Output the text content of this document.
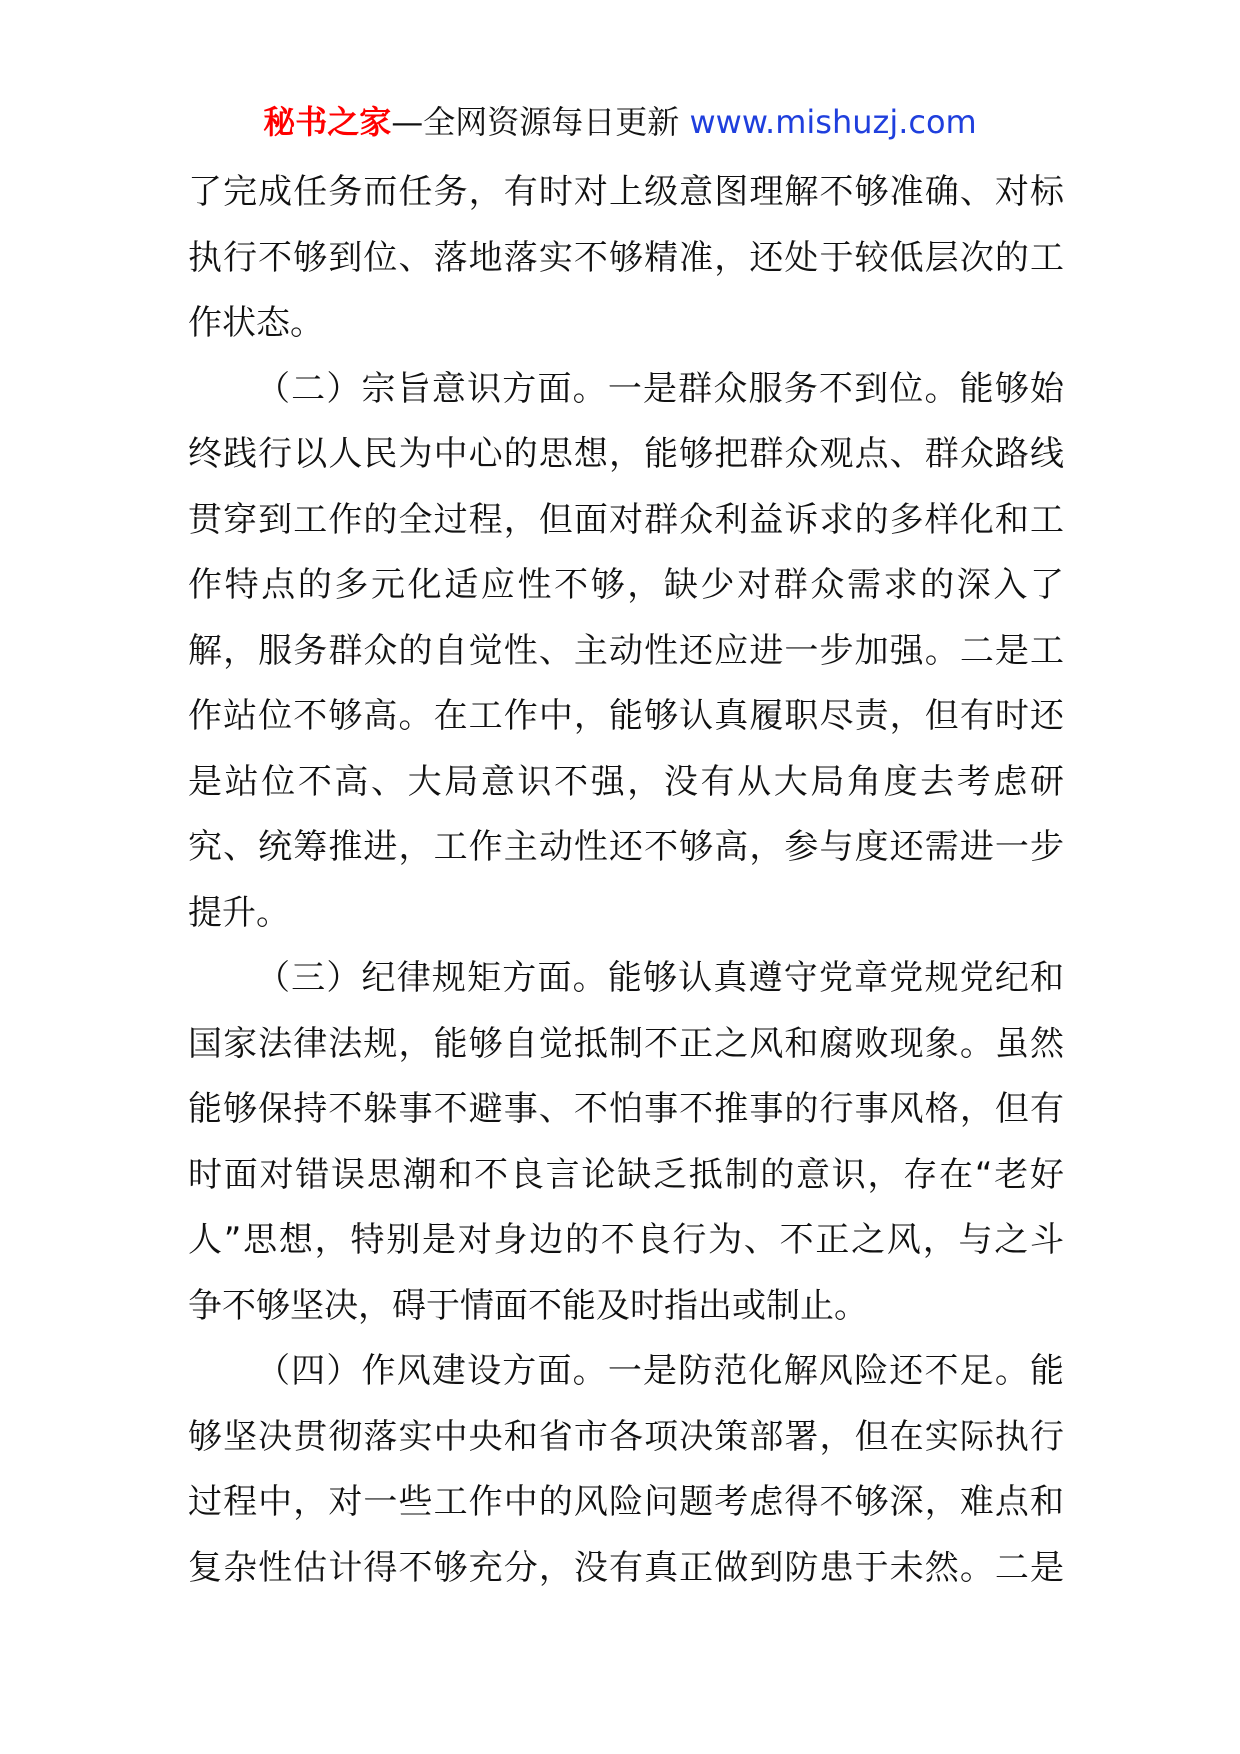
秘书之家—全网资源每日更新 www.mishuzj.com
了完成任务而任务，有时对上级意图理解不够准确、对标
执行不够到位、落地落实不够精准，还处于较低层次的工
作状态。
（二）宗旨意识方面。一是群众服务不到位。能够始
终践行以人民为中心的思想，能够把群众观点、群众路线
贯穿到工作的全过程，但面对群众利益诉求的多样化和工
作特点的多元化适应性不够，缺少对群众需求的深入了
解，服务群众的自觉性、主动性还应进一步加强。二是工
作站位不够高。在工作中，能够认真履职尽责，但有时还
是站位不高、大局意识不强，没有从大局角度去考虑研
究、统筹推进，工作主动性还不够高，参与度还需进一步
提升。
（三）纪律规矩方面。能够认真遵守党章党规党纪和
国家法律法规，能够自觉抵制不正之风和腐败现象。虽然
能够保持不躲事不避事、不怕事不推事的行事风格，但有
时面对错误思潮和不良言论缺乏抵制的意识，存在“老好
人”思想，特别是对身边的不良行为、不正之风，与之斗
争不够坚决，碍于情面不能及时指出或制止。
（四）作风建设方面。一是防范化解风险还不足。能
够坚决贯彻落实中央和省市各项决策部署，但在实际执行
过程中，对一些工作中的风险问题考虑得不够深，难点和
复杂性估计得不够充分，没有真正做到防患于未然。二是
